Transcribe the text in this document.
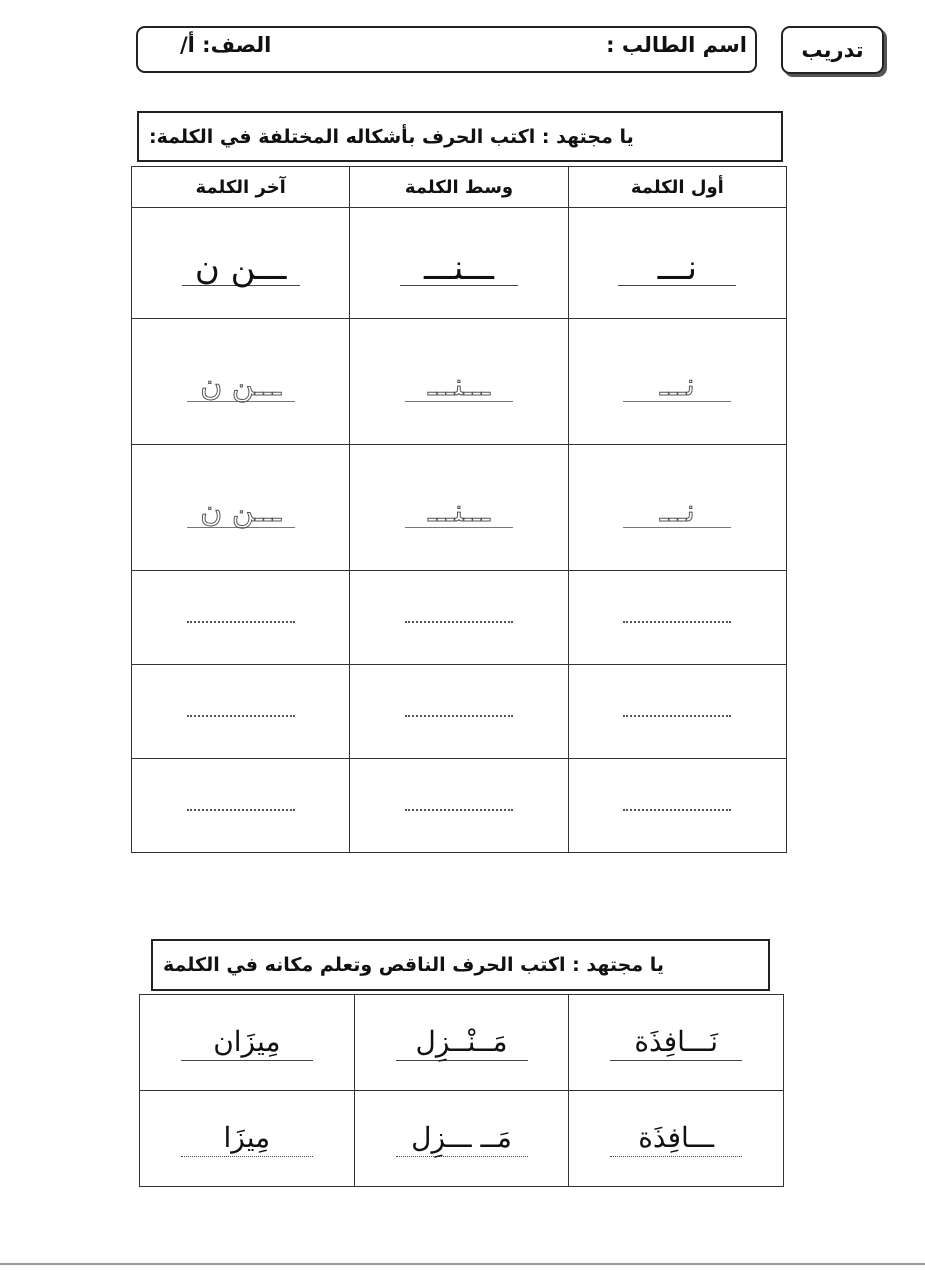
تدريب
اسم الطالب :
الصف: أ/
يا مجتهد : اكتب الحرف بأشكاله المختلفة في الكلمة:
أول الكلمة	وسط الكلمة	آخر الكلمة
نـــ	ـــنـــ	ـــن ن
نـــ	ـــنـــ	ـــن ن
نـــ	ـــنـــ	ـــن ن

يا مجتهد : اكتب الحرف الناقص وتعلم مكانه في الكلمة
نَـــافِذَة	مَــنْــزِل	مِيزَان
ـــافِذَة	مَــ ـــزِل	مِيزَا
